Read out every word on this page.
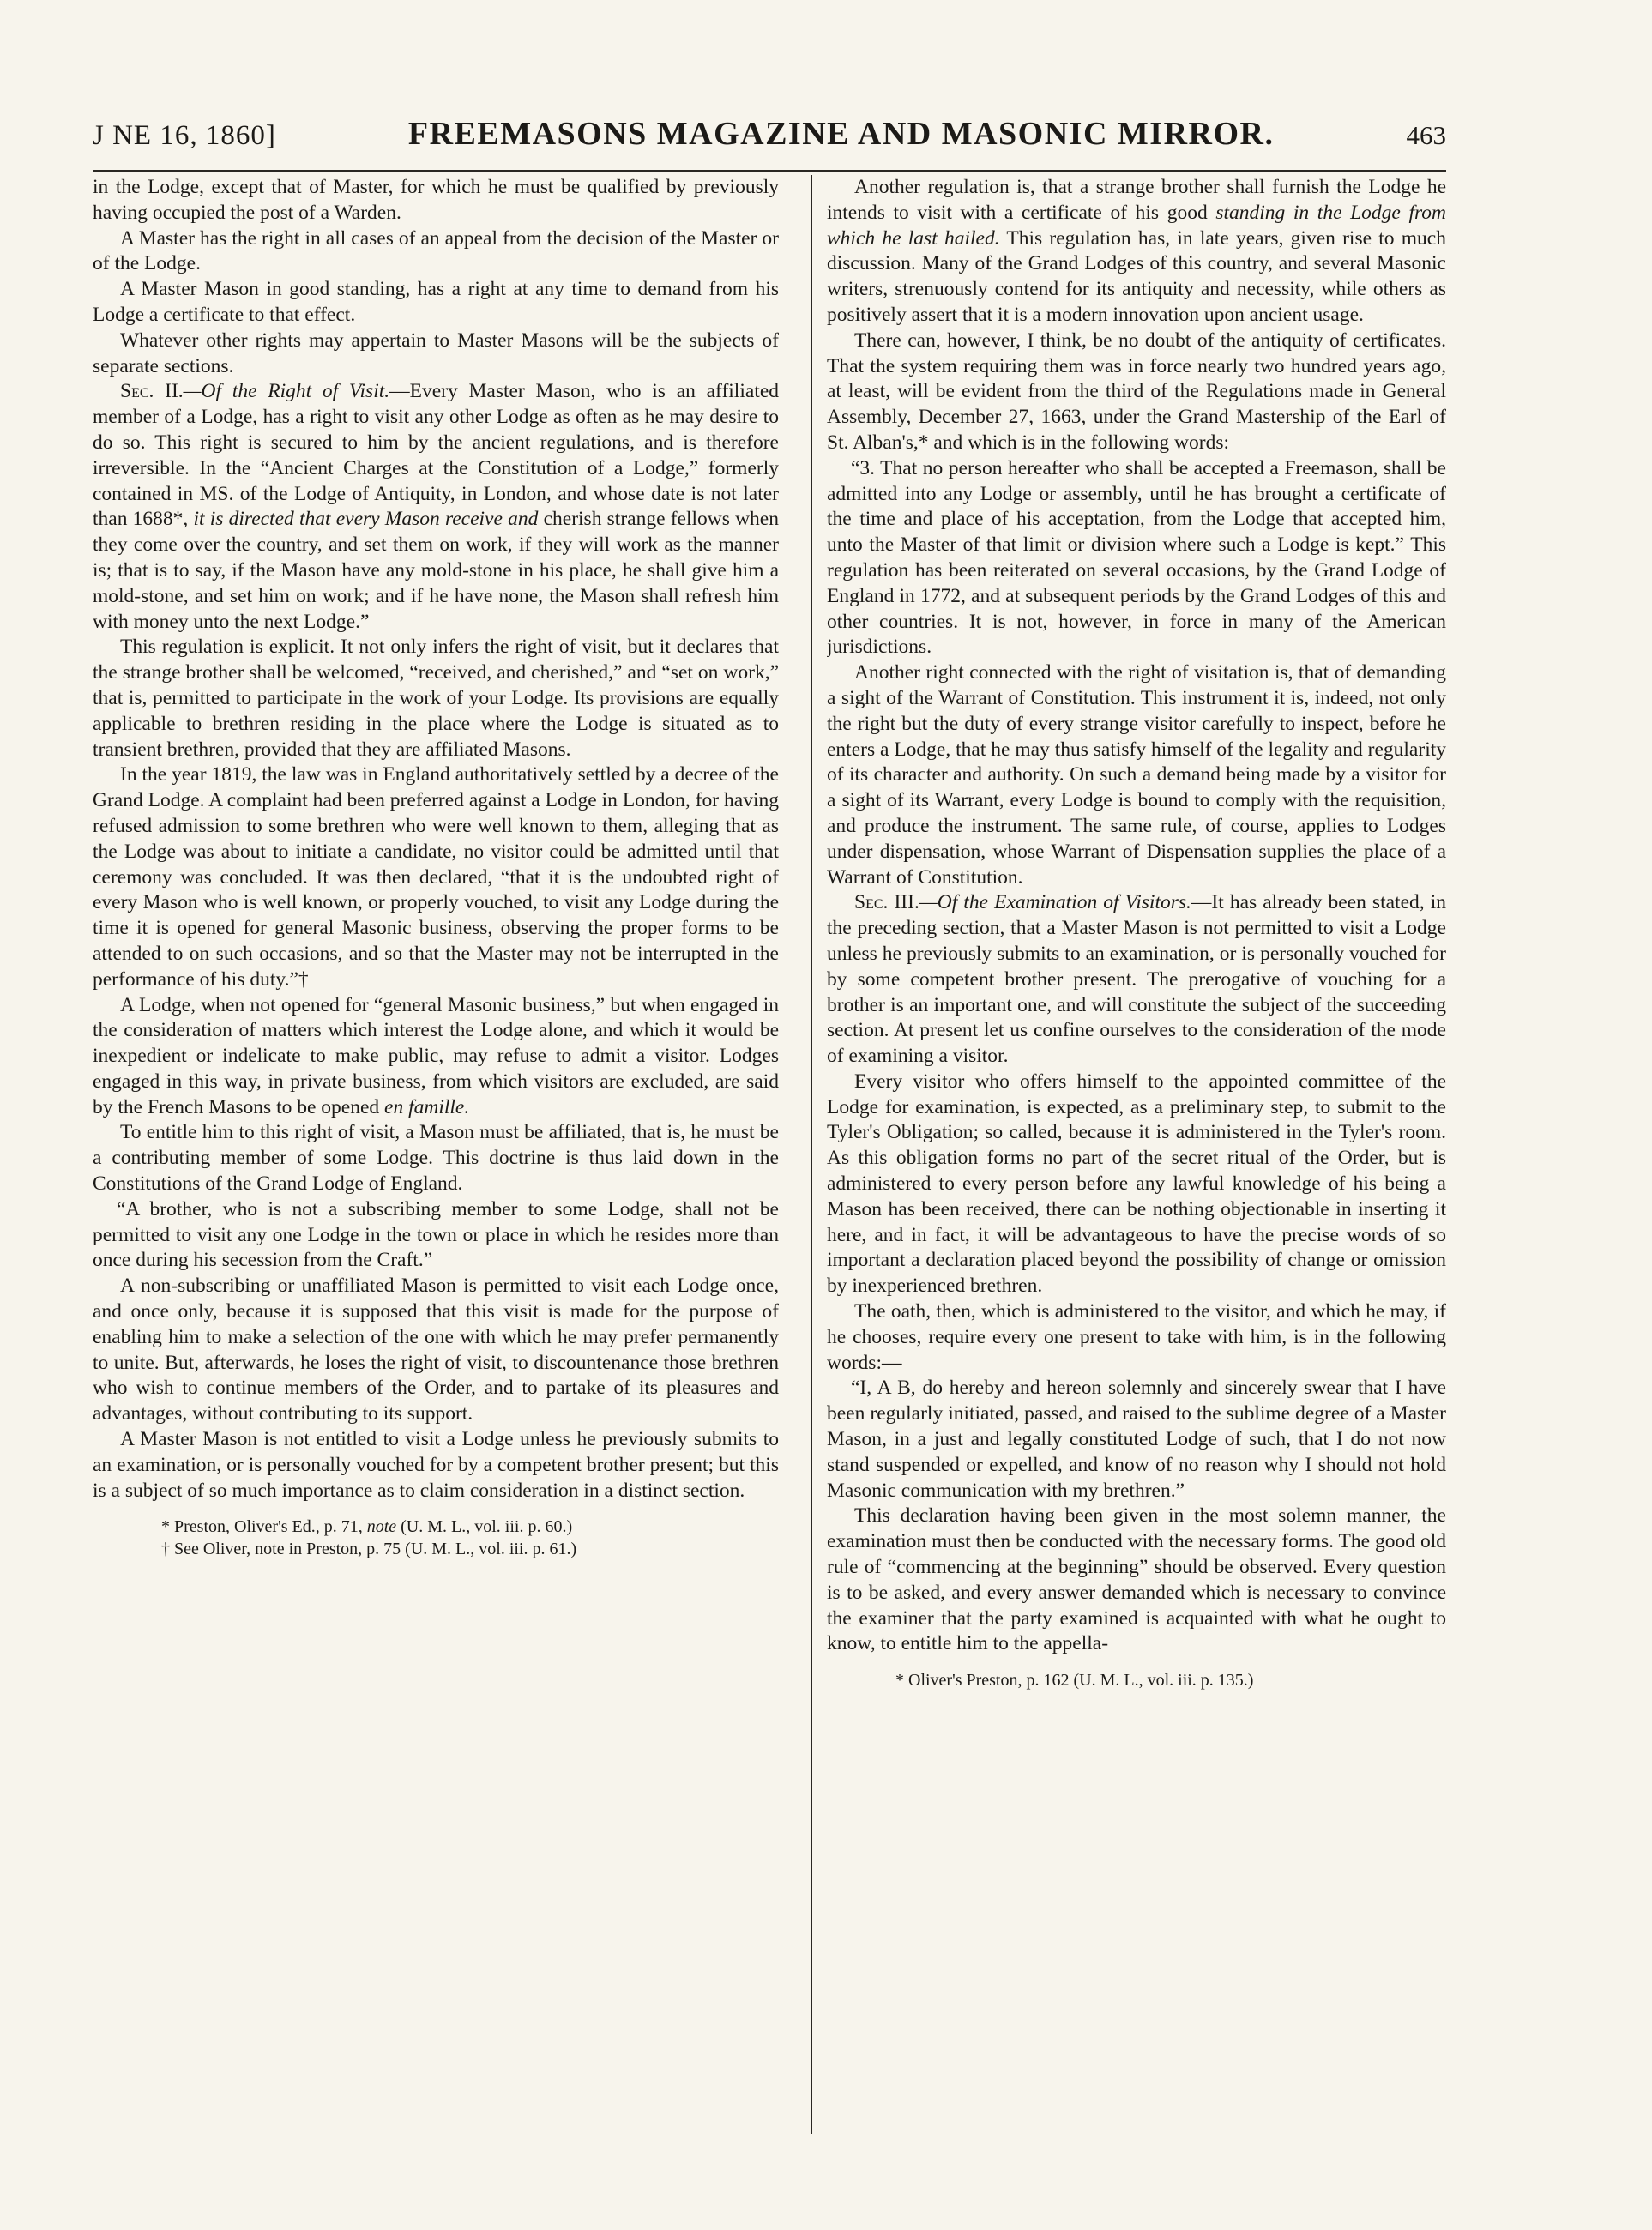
J NE 16, 1860]	FREEMASONS MAGAZINE AND MASONIC MIRROR.	463

in the Lodge, except that of Master, for which he must be qualified by previously having occupied the post of a Warden.

A Master has the right in all cases of an appeal from the decision of the Master or of the Lodge.

A Master Mason in good standing, has a right at any time to demand from his Lodge a certificate to that effect.

Whatever other rights may appertain to Master Masons will be the subjects of separate sections.

Sec. II.—Of the Right of Visit.—Every Master Mason, who is an affiliated member of a Lodge, has a right to visit any other Lodge as often as he may desire to do so. This right is secured to him by the ancient regulations, and is therefore irreversible. In the “Ancient Charges at the Constitution of a Lodge,” formerly contained in MS. of the Lodge of Antiquity, in London, and whose date is not later than 1688*, it is directed that every Mason receive and cherish strange fellows when they come over the country, and set them on work, if they will work as the manner is; that is to say, if the Mason have any mold-stone in his place, he shall give him a mold-stone, and set him on work; and if he have none, the Mason shall refresh him with money unto the next Lodge.”

This regulation is explicit. It not only infers the right of visit, but it declares that the strange brother shall be welcomed, “received, and cherished,” and “set on work,” that is, permitted to participate in the work of your Lodge. Its provisions are equally applicable to brethren residing in the place where the Lodge is situated as to transient brethren, provided that they are affiliated Masons.

In the year 1819, the law was in England authoritatively settled by a decree of the Grand Lodge. A complaint had been preferred against a Lodge in London, for having refused admission to some brethren who were well known to them, alleging that as the Lodge was about to initiate a candidate, no visitor could be admitted until that ceremony was concluded. It was then declared, “that it is the undoubted right of every Mason who is well known, or properly vouched, to visit any Lodge during the time it is opened for general Masonic business, observing the proper forms to be attended to on such occasions, and so that the Master may not be interrupted in the performance of his duty.”†

A Lodge, when not opened for “general Masonic business,” but when engaged in the consideration of matters which interest the Lodge alone, and which it would be inexpedient or indelicate to make public, may refuse to admit a visitor. Lodges engaged in this way, in private business, from which visitors are excluded, are said by the French Masons to be opened en famille.

To entitle him to this right of visit, a Mason must be affiliated, that is, he must be a contributing member of some Lodge. This doctrine is thus laid down in the Constitutions of the Grand Lodge of England.

“A brother, who is not a subscribing member to some Lodge, shall not be permitted to visit any one Lodge in the town or place in which he resides more than once during his secession from the Craft.”

A non-subscribing or unaffiliated Mason is permitted to visit each Lodge once, and once only, because it is supposed that this visit is made for the purpose of enabling him to make a selection of the one with which he may prefer permanently to unite. But, afterwards, he loses the right of visit, to discountenance those brethren who wish to continue members of the Order, and to partake of its pleasures and advantages, without contributing to its support.

A Master Mason is not entitled to visit a Lodge unless he previously submits to an examination, or is personally vouched for by a competent brother present; but this is a subject of so much importance as to claim consideration in a distinct section.

* Preston, Oliver's Ed., p. 71, note (U. M. L., vol. iii. p. 60.)

† See Oliver, note in Preston, p. 75 (U. M. L., vol. iii. p. 61.)

Another regulation is, that a strange brother shall furnish the Lodge he intends to visit with a certificate of his good standing in the Lodge from which he last hailed. This regulation has, in late years, given rise to much discussion. Many of the Grand Lodges of this country, and several Masonic writers, strenuously contend for its antiquity and necessity, while others as positively assert that it is a modern innovation upon ancient usage.

There can, however, I think, be no doubt of the antiquity of certificates. That the system requiring them was in force nearly two hundred years ago, at least, will be evident from the third of the Regulations made in General Assembly, December 27, 1663, under the Grand Mastership of the Earl of St. Alban's,* and which is in the following words:

“3. That no person hereafter who shall be accepted a Freemason, shall be admitted into any Lodge or assembly, until he has brought a certificate of the time and place of his acceptation, from the Lodge that accepted him, unto the Master of that limit or division where such a Lodge is kept.” This regulation has been reiterated on several occasions, by the Grand Lodge of England in 1772, and at subsequent periods by the Grand Lodges of this and other countries. It is not, however, in force in many of the American jurisdictions.

Another right connected with the right of visitation is, that of demanding a sight of the Warrant of Constitution. This instrument it is, indeed, not only the right but the duty of every strange visitor carefully to inspect, before he enters a Lodge, that he may thus satisfy himself of the legality and regularity of its character and authority. On such a demand being made by a visitor for a sight of its Warrant, every Lodge is bound to comply with the requisition, and produce the instrument. The same rule, of course, applies to Lodges under dispensation, whose Warrant of Dispensation supplies the place of a Warrant of Constitution.

Sec. III.—Of the Examination of Visitors.—It has already been stated, in the preceding section, that a Master Mason is not permitted to visit a Lodge unless he previously submits to an examination, or is personally vouched for by some competent brother present. The prerogative of vouching for a brother is an important one, and will constitute the subject of the succeeding section. At present let us confine ourselves to the consideration of the mode of examining a visitor.

Every visitor who offers himself to the appointed committee of the Lodge for examination, is expected, as a preliminary step, to submit to the Tyler's Obligation; so called, because it is administered in the Tyler's room. As this obligation forms no part of the secret ritual of the Order, but is administered to every person before any lawful knowledge of his being a Mason has been received, there can be nothing objectionable in inserting it here, and in fact, it will be advantageous to have the precise words of so important a declaration placed beyond the possibility of change or omission by inexperienced brethren.

The oath, then, which is administered to the visitor, and which he may, if he chooses, require every one present to take with him, is in the following words:—

“I, A B, do hereby and hereon solemnly and sincerely swear that I have been regularly initiated, passed, and raised to the sublime degree of a Master Mason, in a just and legally constituted Lodge of such, that I do not now stand suspended or expelled, and know of no reason why I should not hold Masonic communication with my brethren.”

This declaration having been given in the most solemn manner, the examination must then be conducted with the necessary forms. The good old rule of “commencing at the beginning” should be observed. Every question is to be asked, and every answer demanded which is necessary to convince the examiner that the party examined is acquainted with what he ought to know, to entitle him to the appella-

* Oliver's Preston, p. 162 (U. M. L., vol. iii. p. 135.)
